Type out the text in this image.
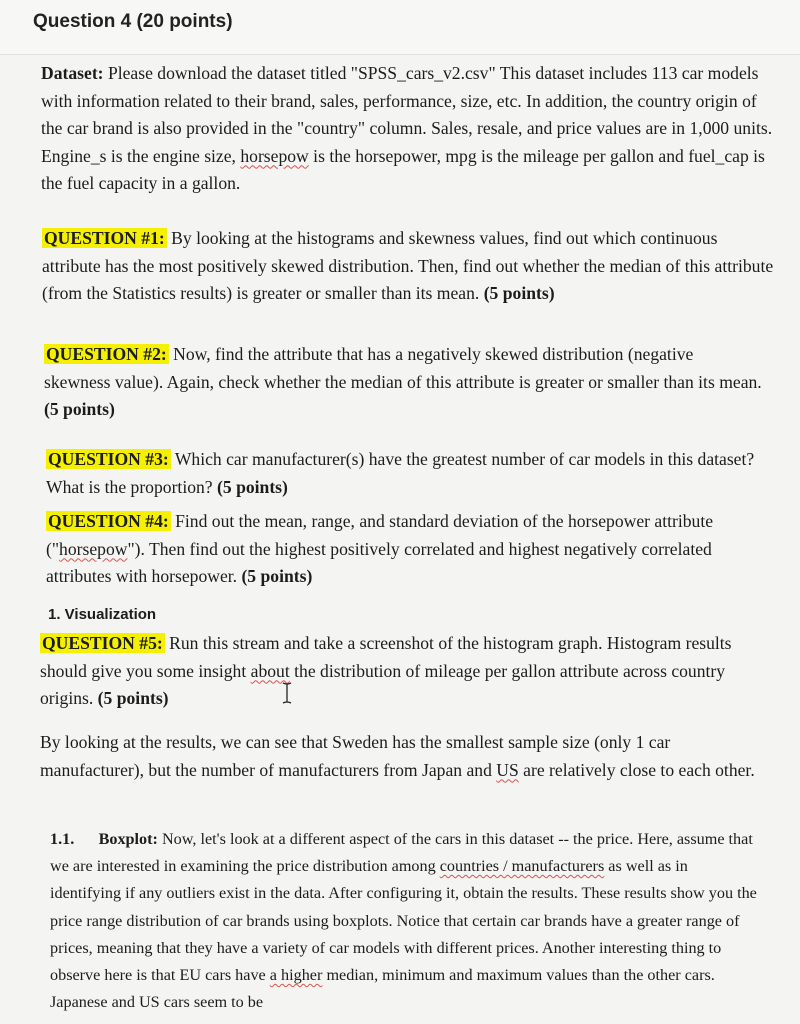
Question 4 (20 points)

Dataset: Please download the dataset titled "SPSS_cars_v2.csv" This dataset includes 113 car models with information related to their brand, sales, performance, size, etc. In addition, the country origin of the car brand is also provided in the "country" column. Sales, resale, and price values are in 1,000 units. Engine_s is the engine size, horsepow is the horsepower, mpg is the mileage per gallon and fuel_cap is the fuel capacity in a gallon.

QUESTION #1: By looking at the histograms and skewness values, find out which continuous attribute has the most positively skewed distribution. Then, find out whether the median of this attribute (from the Statistics results) is greater or smaller than its mean. (5 points)

QUESTION #2: Now, find the attribute that has a negatively skewed distribution (negative skewness value). Again, check whether the median of this attribute is greater or smaller than its mean. (5 points)

QUESTION #3: Which car manufacturer(s) have the greatest number of car models in this dataset? What is the proportion? (5 points)

QUESTION #4: Find out the mean, range, and standard deviation of the horsepower attribute ("horsepow"). Then find out the highest positively correlated and highest negatively correlated attributes with horsepower. (5 points)

1. Visualization

QUESTION #5: Run this stream and take a screenshot of the histogram graph. Histogram results should give you some insight about the distribution of mileage per gallon attribute across country origins. (5 points)

By looking at the results, we can see that Sweden has the smallest sample size (only 1 car manufacturer), but the number of manufacturers from Japan and US are relatively close to each other.

1.1. Boxplot: Now, let's look at a different aspect of the cars in this dataset -- the price. Here, assume that we are interested in examining the price distribution among countries / manufacturers as well as in identifying if any outliers exist in the data. After configuring it, obtain the results. These results show you the price range distribution of car brands using boxplots. Notice that certain car brands have a greater range of prices, meaning that they have a variety of car models with different prices. Another interesting thing to observe here is that EU cars have a higher median, minimum and maximum values than the other cars. Japanese and US cars seem to be
